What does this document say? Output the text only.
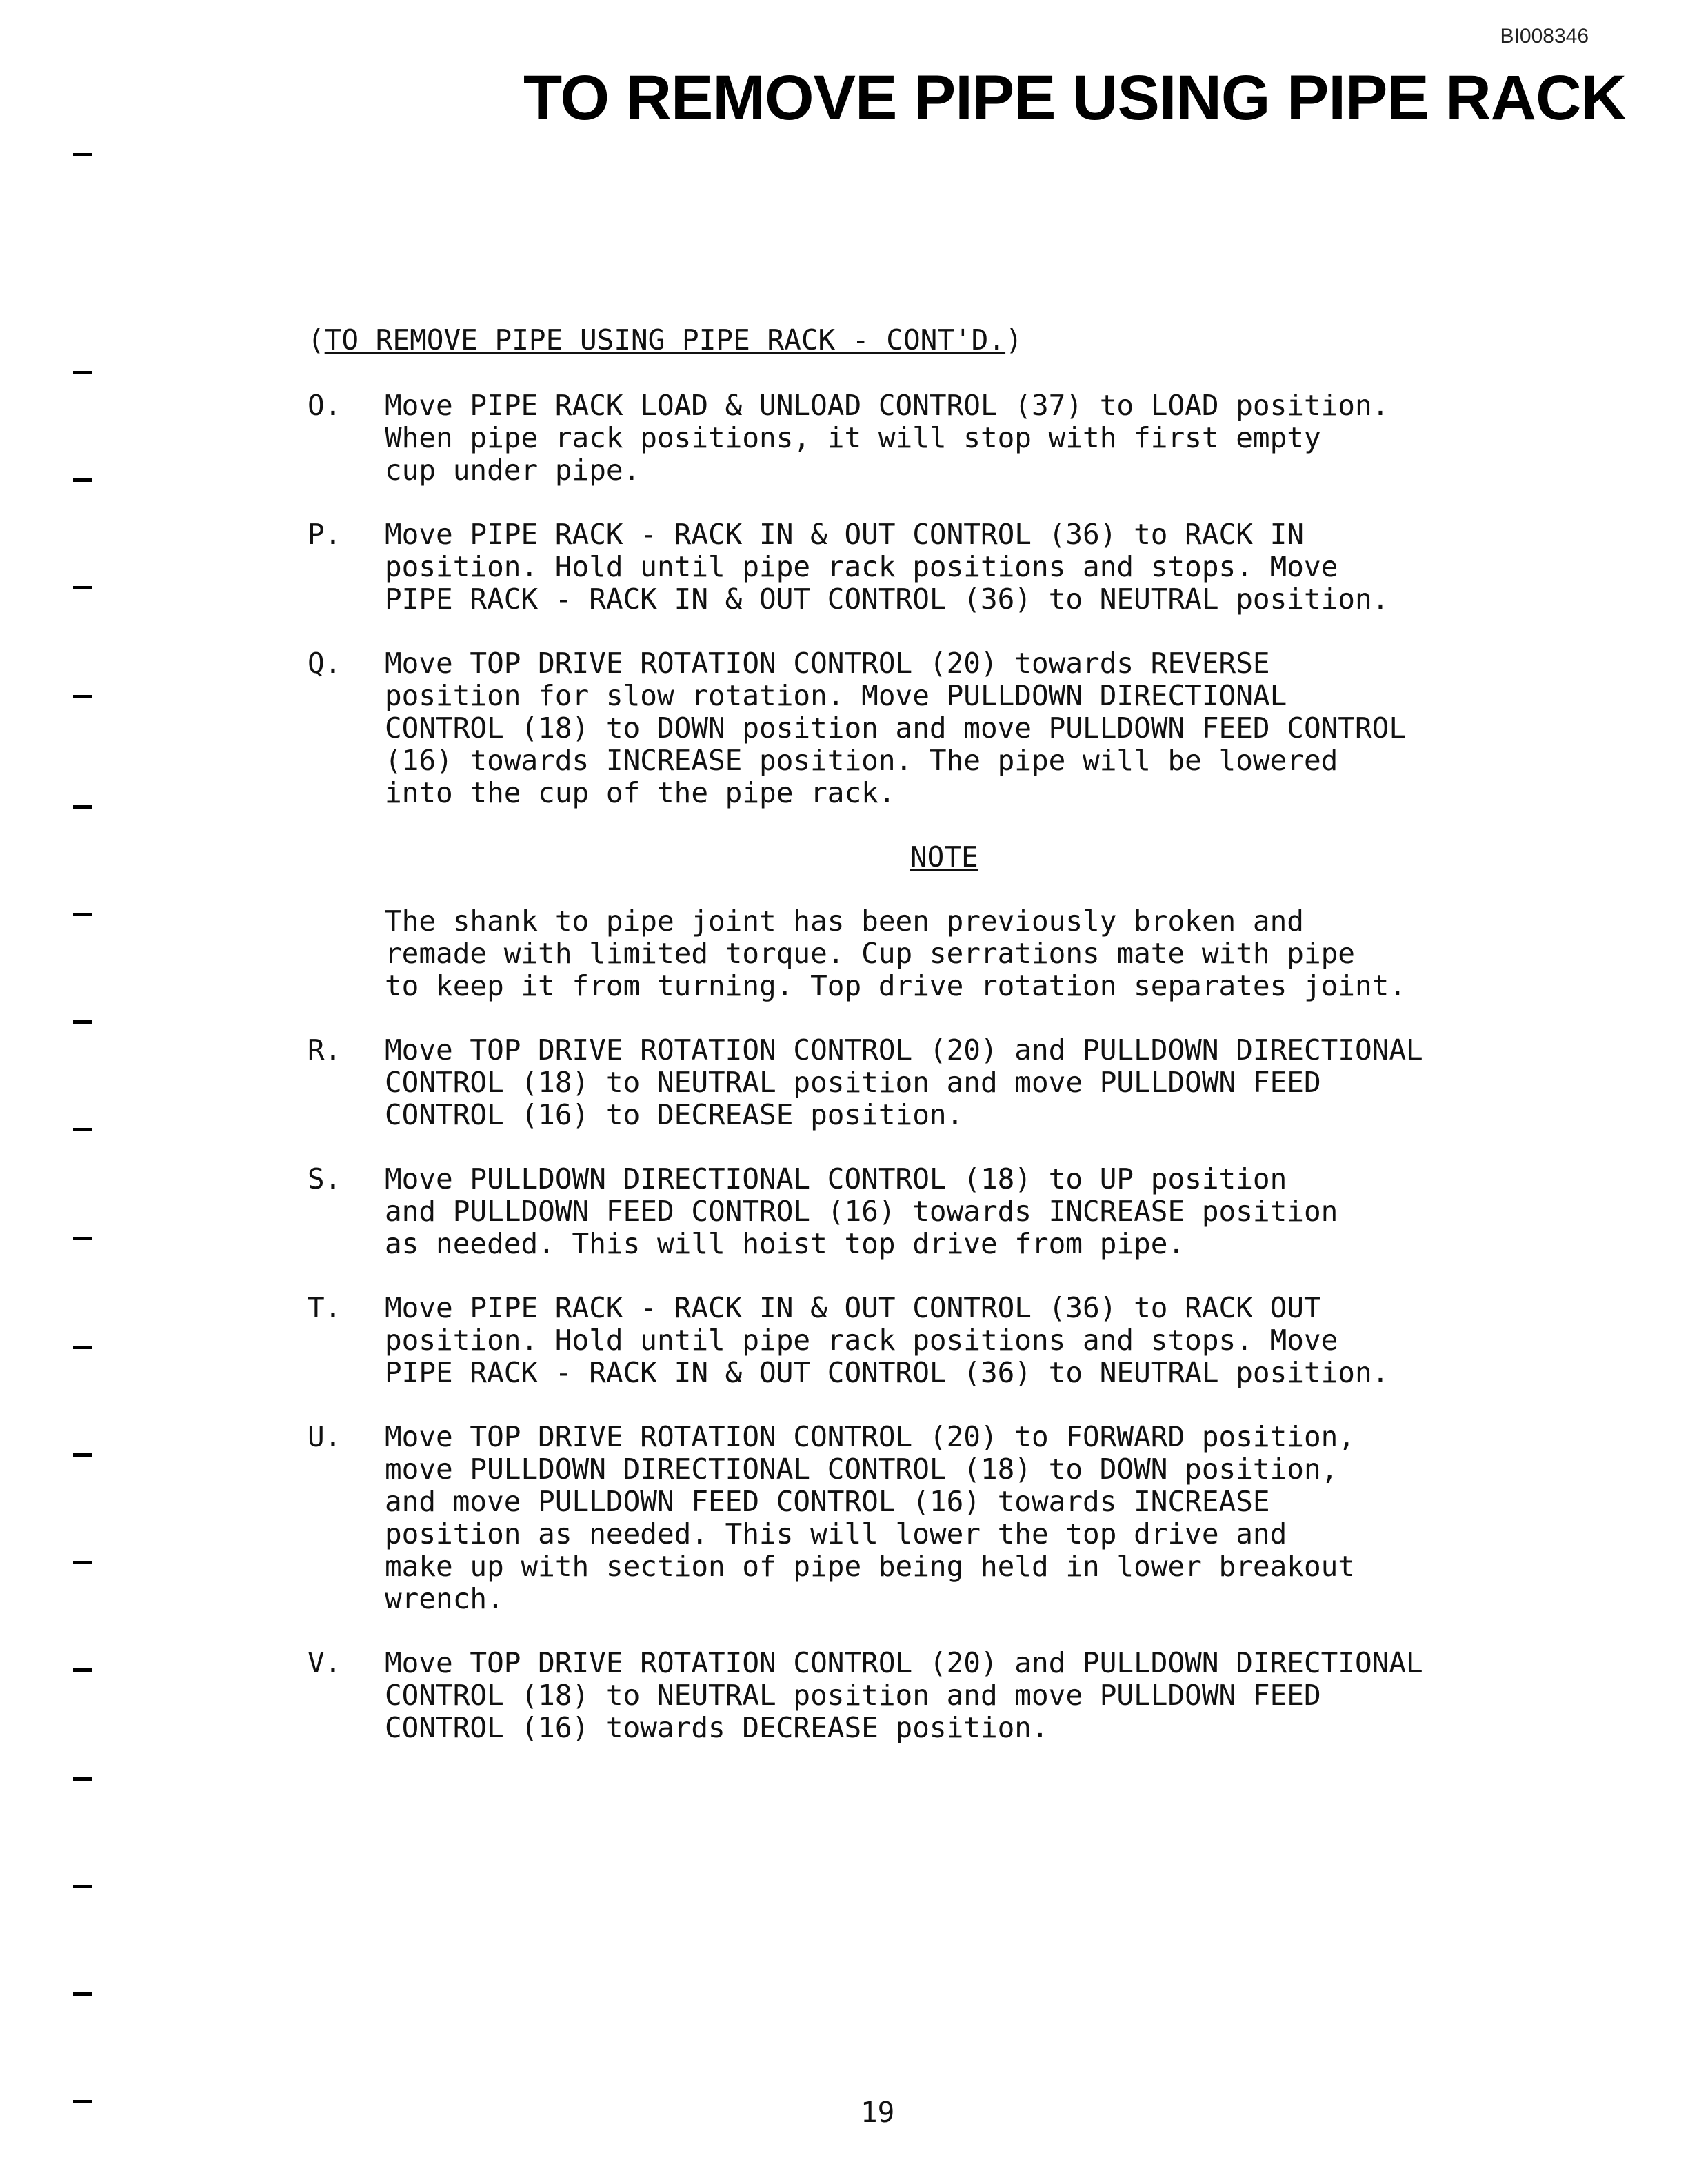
BI008346
TO REMOVE PIPE USING PIPE RACK

(TO REMOVE PIPE USING PIPE RACK - CONT'D.)

O.	Move PIPE RACK LOAD & UNLOAD CONTROL (37) to LOAD position.
When pipe rack positions, it will stop with first empty
cup under pipe.
P.	Move PIPE RACK - RACK IN & OUT CONTROL (36) to RACK IN
position. Hold until pipe rack positions and stops. Move
PIPE RACK - RACK IN & OUT CONTROL (36) to NEUTRAL position.
Q.	Move TOP DRIVE ROTATION CONTROL (20) towards REVERSE
position for slow rotation. Move PULLDOWN DIRECTIONAL
CONTROL (18) to DOWN position and move PULLDOWN FEED CONTROL
(16) towards INCREASE position. The pipe will be lowered
into the cup of the pipe rack.
NOTE
The shank to pipe joint has been previously broken and
remade with limited torque. Cup serrations mate with pipe
to keep it from turning. Top drive rotation separates joint.
R.	Move TOP DRIVE ROTATION CONTROL (20) and PULLDOWN DIRECTIONAL
CONTROL (18) to NEUTRAL position and move PULLDOWN FEED
CONTROL (16) to DECREASE position.
S.	Move PULLDOWN DIRECTIONAL CONTROL (18) to UP position
and PULLDOWN FEED CONTROL (16) towards INCREASE position
as needed. This will hoist top drive from pipe.
T.	Move PIPE RACK - RACK IN & OUT CONTROL (36) to RACK OUT
position. Hold until pipe rack positions and stops. Move
PIPE RACK - RACK IN & OUT CONTROL (36) to NEUTRAL position.
U.	Move TOP DRIVE ROTATION CONTROL (20) to FORWARD position,
move PULLDOWN DIRECTIONAL CONTROL (18) to DOWN position,
and move PULLDOWN FEED CONTROL (16) towards INCREASE
position as needed. This will lower the top drive and
make up with section of pipe being held in lower breakout
wrench.
V.	Move TOP DRIVE ROTATION CONTROL (20) and PULLDOWN DIRECTIONAL
CONTROL (18) to NEUTRAL position and move PULLDOWN FEED
CONTROL (16) towards DECREASE position.
19
